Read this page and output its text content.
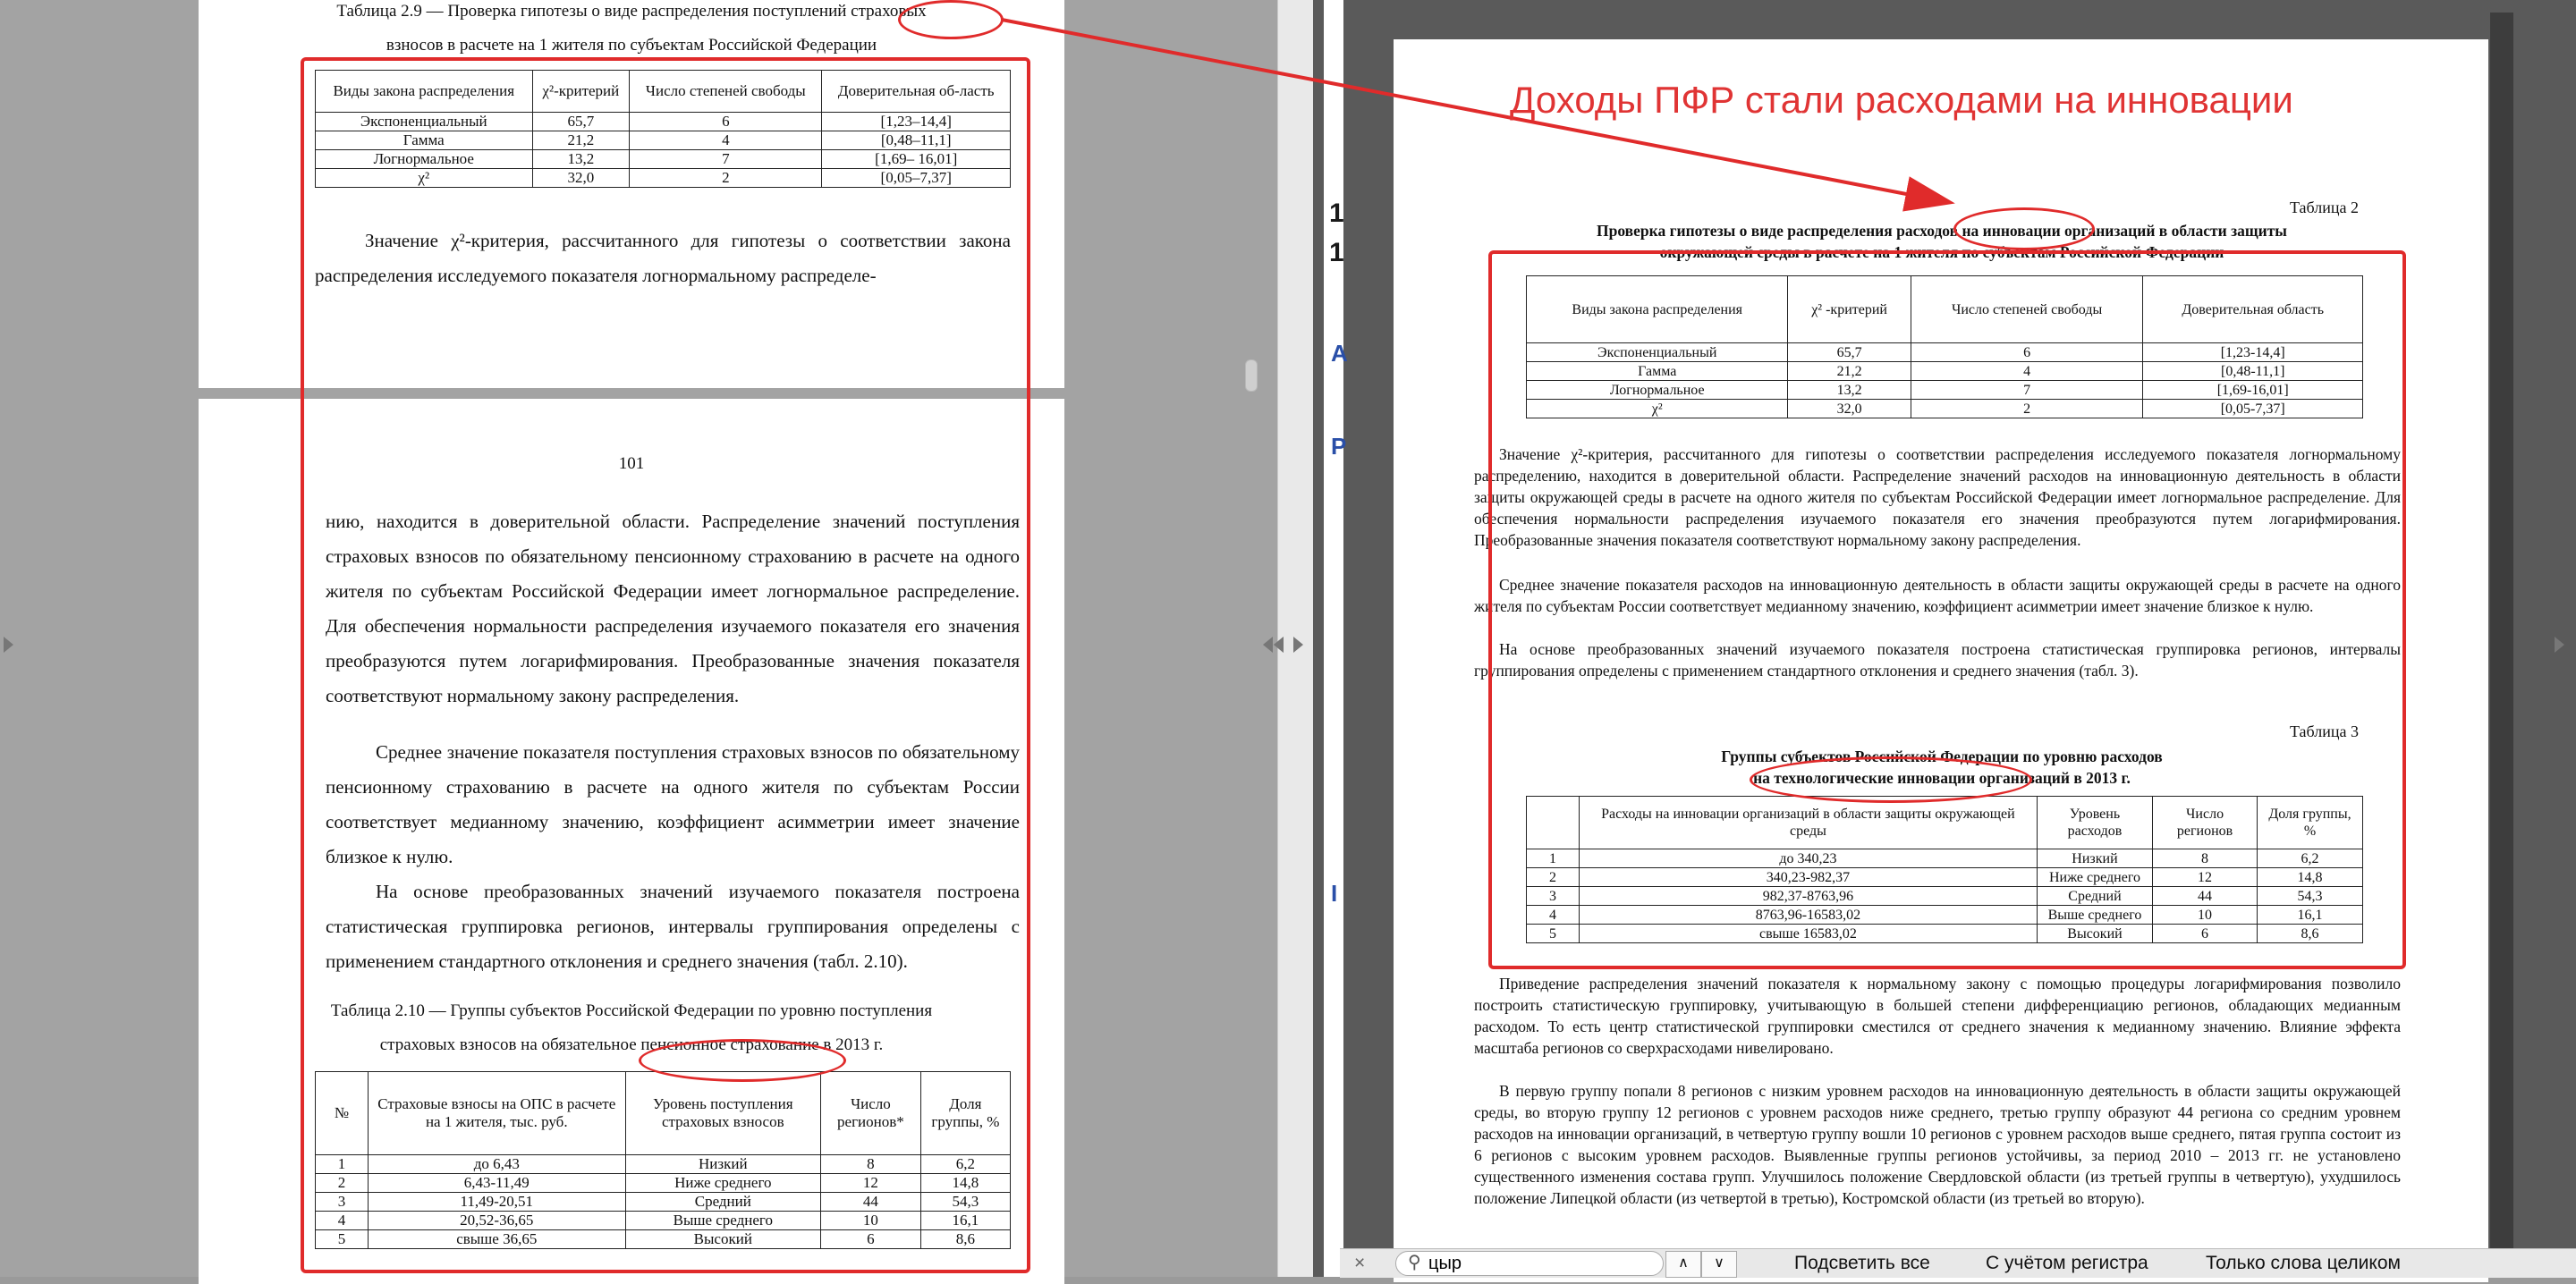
Таблица 2.9 — Проверка гипотезы о виде распределения поступлений страховых
взносов в расчете на 1 жителя по субъектам Российской Федерации
Виды закона распределения	χ²-критерий	Число степеней свободы	Доверительная об-ласть
Экспоненциальный	65,7	6	[1,23–14,4]
Гамма	21,2	4	[0,48–11,1]
Логнормальное	13,2	7	[1,69– 16,01]
χ²	32,0	2	[0,05–7,37]

Значение χ²-критерия, рассчитанного для гипотезы о соответствии закона распределения исследуемого показателя логнормальному распределе-

101

нию, находится в доверительной области. Распределение значений поступления страховых взносов по обязательному пенсионному страхованию в расчете на одного жителя по субъектам Российской Федерации имеет логнормальное распределение. Для обеспечения нормальности распределения изучаемого показателя его значения преобразуются путем логарифмирования. Преобразованные значения показателя соответствуют нормальному закону распределения.

Среднее значение показателя поступления страховых взносов по обязательному пенсионному страхованию в расчете на одного жителя по субъектам России соответствует медианному значению, коэффициент асимметрии имеет значение близкое к нулю.

На основе преобразованных значений изучаемого показателя построена статистическая группировка регионов, интервалы группирования определены с применением стандартного отклонения и среднего значения (табл. 2.10).

Таблица 2.10 — Группы субъектов Российской Федерации по уровню поступления
страховых взносов на обязательное пенсионное страхование в 2013 г.
№	Страховые взносы на ОПС в расчете на 1 жителя, тыс. руб.	Уровень поступления страховых взносов	Число регионов*	Доля группы, %
1	до 6,43	Низкий	8	6,2
2	6,43-11,49	Ниже среднего	12	14,8
3	11,49-20,51	Средний	44	54,3
4	20,52-36,65	Выше среднего	10	16,1
5	свыше 36,65	Высокий	6	8,6
1
1
A
P
I
Таблица 2
Проверка гипотезы о виде распределения расходов на инновации организаций в области защиты
окружающей среды в расчете на 1 жителя по субъектам Российской Федерации
Виды закона распределения	χ² -критерий	Число степеней свободы	Доверительная область
Экспоненциальный	65,7	6	[1,23-14,4]
Гамма	21,2	4	[0,48-11,1]
Логнормальное	13,2	7	[1,69-16,01]
χ²	32,0	2	[0,05-7,37]

Значение χ²-критерия, рассчитанного для гипотезы о соответствии распределения исследуемого показателя логнормальному распределению, находится в доверительной области. Распределение значений расходов на инновационную деятельность в области защиты окружающей среды в расчете на одного жителя по субъектам Российской Федерации имеет логнормальное распределение. Для обеспечения нормальности распределения изучаемого показателя его значения преобразуются путем логарифмирования. Преобразованные значения показателя соответствуют нормальному закону распределения.

Среднее значение показателя расходов на инновационную деятельность в области защиты окружающей среды в расчете на одного жителя по субъектам России соответствует медианному значению, коэффициент асимметрии имеет значение близкое к нулю.

На основе преобразованных значений изучаемого показателя построена статистическая группировка регионов, интервалы группирования определены с применением стандартного отклонения и среднего значения (табл. 3).

Таблица 3
Группы субъектов Российской Федерации по уровню расходов
на технологические инновации организаций в 2013 г.
	Расходы на инновации организаций в области защиты окружающей среды	Уровень расходов	Число регионов	Доля группы, %
1	до 340,23	Низкий	8	6,2
2	340,23-982,37	Ниже среднего	12	14,8
3	982,37-8763,96	Средний	44	54,3
4	8763,96-16583,02	Выше среднего	10	16,1
5	свыше 16583,02	Высокий	6	8,6

Приведение распределения значений показателя к нормальному закону с помощью процедуры логарифмирования позволило построить статистическую группировку, учитывающую в большей степени дифференциацию регионов, обладающих медианным расходом. То есть центр статистической группировки сместился от среднего значения к медианному значению. Влияние эффекта масштаба регионов со сверхрасходами нивелировано.

В первую группу попали 8 регионов с низким уровнем расходов на инновационную деятельность в области защиты окружающей среды, во вторую группу 12 регионов с уровнем расходов ниже среднего, третью группу образуют 44 региона со средним уровнем расходов на инновации организаций, в четвертую группу вошли 10 регионов с уровнем расходов выше среднего, пятая группа состоит из 6 регионов с высоким уровнем расходов. Выявленные группы регионов устойчивы, за период 2010 – 2013 гг. не установлено существенного изменения состава групп. Улучшилось положение Свердловской области (из третьей группы в четвертую), ухудшилось положение Липецкой области (из четвертой в третью), Костромской области (из третьей во вторую).

Доходы ПФР стали расходами на инновации
×
цыр ⚲	∧	∨	Подсветить все	С учётом регистра	Только слова целиком
